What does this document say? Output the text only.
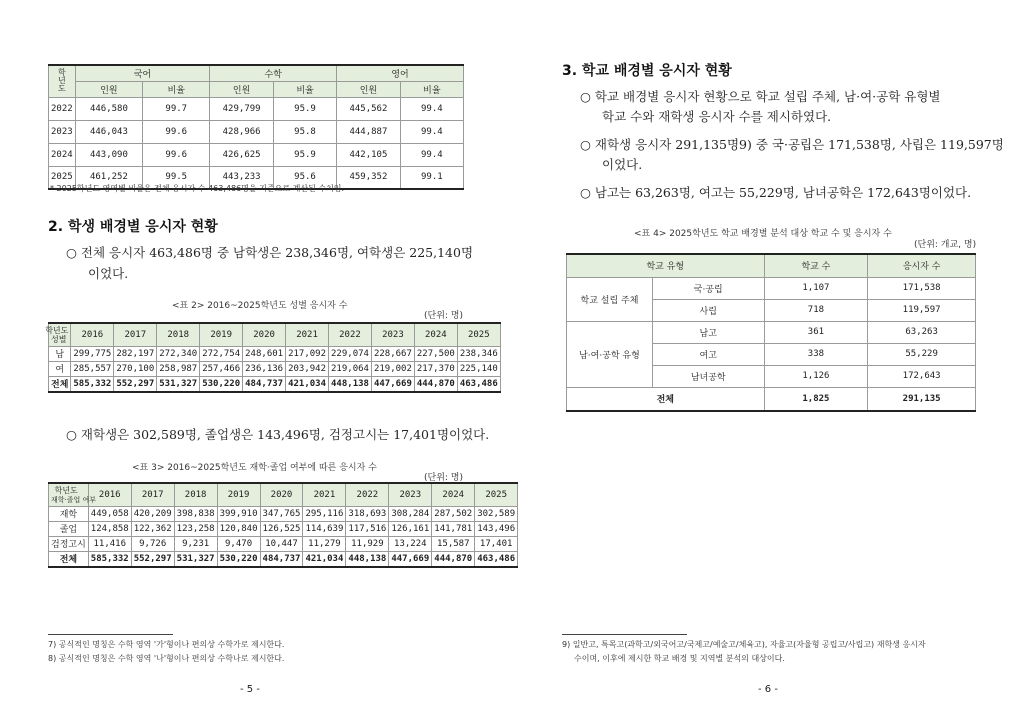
학
년
도	국어		수학		영어	
	인원	비율	인원	비율	인원	비율
2022	446,580	99.7	429,799	95.9	445,562	99.4
2023	446,043	99.6	428,966	95.8	444,887	99.4
2024	443,090	99.6	426,625	95.9	442,105	99.4
2025	461,252	99.5	443,233	95.6	459,352	99.1
* 2025학년도 영역별 비율은 전체 응시자 수 463,486명을 기준으로 계산된 수치임.
2. 학생 배경별 응시자 현황
○ 전체 응시자 463,486명 중 남학생은 238,346명, 여학생은 225,140명
이었다.
<표 2> 2016~2025학년도 성별 응시자 수
(단위: 명)
학년도
성별	2016	2017	2018	2019	2020	2021	2022	2023	2024	2025
남	299,775	282,197	272,340	272,754	248,601	217,092	229,074	228,667	227,500	238,346
여	285,557	270,100	258,987	257,466	236,136	203,942	219,064	219,002	217,370	225,140
전체	585,332	552,297	531,327	530,220	484,737	421,034	448,138	447,669	444,870	463,486
○ 재학생은 302,589명, 졸업생은 143,496명, 검정고시는 17,401명이었다.
<표 3> 2016~2025학년도 재학·졸업 여부에 따른 응시자 수
(단위: 명)
학년도
재학·졸업 여부	2016	2017	2018	2019	2020	2021	2022	2023	2024	2025
재학	449,058	420,209	398,838	399,910	347,765	295,116	318,693	308,284	287,502	302,589
졸업	124,858	122,362	123,258	120,840	126,525	114,639	117,516	126,161	141,781	143,496
검정고시	11,416	9,726	9,231	9,470	10,447	11,279	11,929	13,224	15,587	17,401
전체	585,332	552,297	531,327	530,220	484,737	421,034	448,138	447,669	444,870	463,486
7) 공식적인 명칭은 수학 영역 '가'형이나 편의상 수학가로 제시한다.
8) 공식적인 명칭은 수학 영역 '나'형이나 편의상 수학나로 제시한다.
- 5 -
3. 학교 배경별 응시자 현황
○ 학교 배경별 응시자 현황으로 학교 설립 주체, 남·여·공학 유형별
학교 수와 재학생 응시자 수를 제시하였다.
○ 재학생 응시자 291,135명9) 중 국·공립은 171,538명, 사립은 119,597명
이었다.
○ 남고는 63,263명, 여고는 55,229명, 남녀공학은 172,643명이었다.
<표 4> 2025학년도 학교 배경별 분석 대상 학교 수 및 응시자 수
(단위: 개교, 명)
학교 유형		학교 수	응시자 수
학교 설립 주체	국·공립	1,107	171,538
	사립	718	119,597
남·여·공학 유형	남고	361	63,263
	여고	338	55,229
	남녀공학	1,126	172,643
전체		1,825	291,135
9) 일반고, 특목고(과학고/외국어고/국제고/예술고/체육고), 자율고(자율형 공립고/사립고) 재학생 응시자
수이며, 이후에 제시한 학교 배경 및 지역별 분석의 대상이다.
- 6 -
